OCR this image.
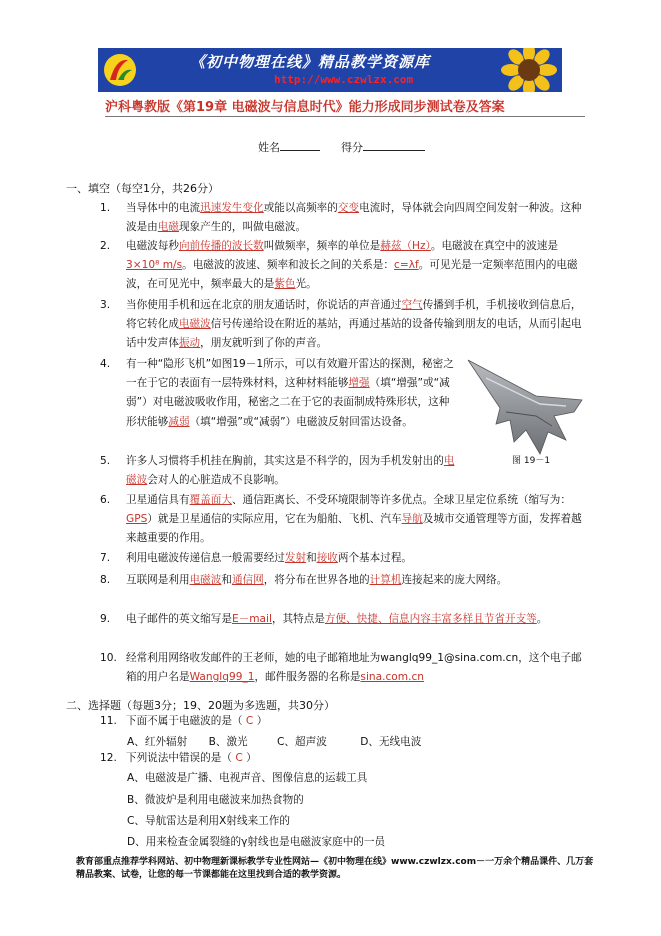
《初中物理在线》精品教学资源库
http://www.czwlzx.com
沪科粤教版《第19章 电磁波与信息时代》能力形成同步测试卷及答案
姓名	得分
一、填空（每空1分，共26分）
1. 当导体中的电流迅速发生变化或能以高频率的交变电流时，导体就会向四周空间发射一种波。这种波是由电磁现象产生的，叫做电磁波。
2. 电磁波每秒向前传播的波长数叫做频率，频率的单位是赫兹（Hz）。电磁波在真空中的波速是3×10⁸ m/s。电磁波的波速、频率和波长之间的关系是：c=λf。可见光是一定频率范围内的电磁波，在可见光中，频率最大的是紫色光。
3. 当你使用手机和远在北京的朋友通话时，你说话的声音通过空气传播到手机，手机接收到信息后，将它转化成电磁波信号传递给设在附近的基站，再通过基站的设备传输到朋友的电话，从而引起电话中发声体振动，朋友就听到了你的声音。
4. 有一种“隐形飞机”如图19－1所示，可以有效避开雷达的探测，秘密之一在于它的表面有一层特殊材料，这种材料能够增强（填“增强”或“减弱”）对电磁波吸收作用，秘密之二在于它的表面制成特殊形状，这种形状能够减弱（填“增强”或“减弱”）电磁波反射回雷达设备。
5. 许多人习惯将手机挂在胸前，其实这是不科学的，因为手机发射出的电磁波会对人的心脏造成不良影响。
6. 卫星通信具有覆盖面大、通信距离长、不受环境限制等许多优点。全球卫星定位系统（缩写为：GPS）就是卫星通信的实际应用，它在为船舶、飞机、汽车导航及城市交通管理等方面，发挥着越来越重要的作用。
7. 利用电磁波传递信息一般需要经过发射和接收两个基本过程。
8. 互联网是利用电磁波和通信网，将分布在世界各地的计算机连接起来的庞大网络。
9. 电子邮件的英文缩写是E－mail，其特点是方便、快捷、信息内容丰富多样且节省开支等。
10. 经常利用网络收发邮件的王老师，她的电子邮箱地址为wanglq99_1@sina.com.cn，这个电子邮箱的用户名是Wanglq99_1，邮件服务器的名称是sina.com.cn
图 19－1
二、选择题（每题3分；19、20题为多选题，共30分）
11. 下面不属于电磁波的是（ C ）
A、红外辐射 B、激光	C、超声波	D、无线电波
12. 下列说法中错误的是（ C ）
A、电磁波是广播、电视声音、图像信息的运载工具
B、微波炉是利用电磁波来加热食物的
C、导航雷达是利用X射线来工作的
D、用来检查金属裂缝的γ射线也是电磁波家庭中的一员
教育部重点推荐学科网站、初中物理新课标教学专业性网站—《初中物理在线》www.czwlzx.com－一万余个精品课件、几万套精品教案、试卷，让您的每一节课都能在这里找到合适的教学资源。
